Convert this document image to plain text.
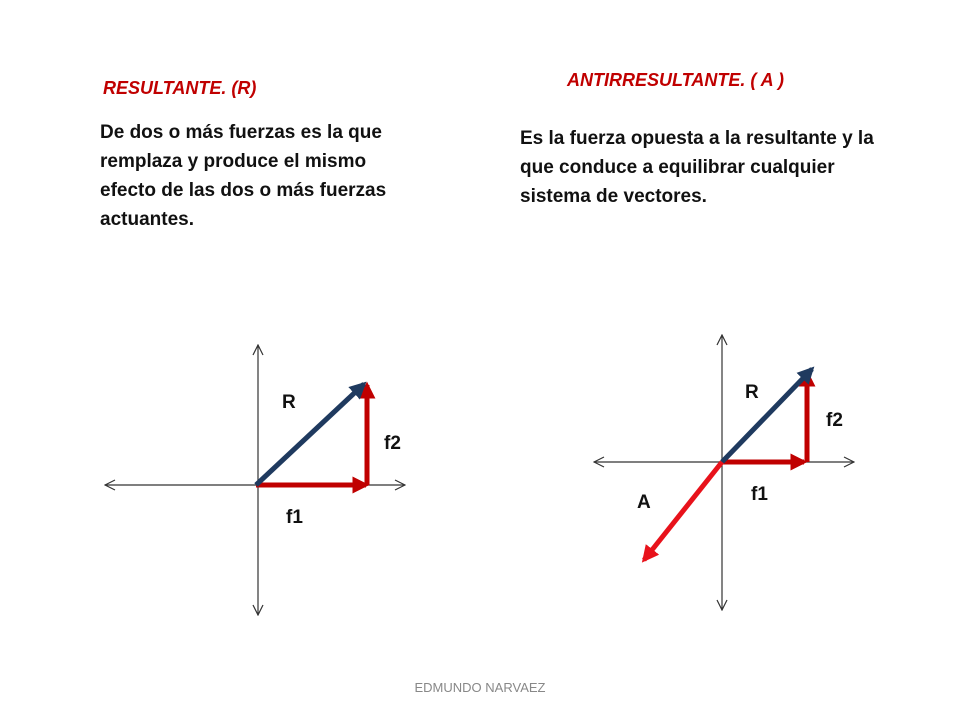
RESULTANTE. (R)

De dos o más fuerzas es la que remplaza y produce el mismo efecto de las dos o más fuerzas actuantes.

ANTIRRESULTANTE. ( A )

Es la fuerza opuesta a la resultante y la que conduce a equilibrar cualquier sistema de vectores.

R
f2
f1
R
f2
f1
A

EDMUNDO NARVAEZ
